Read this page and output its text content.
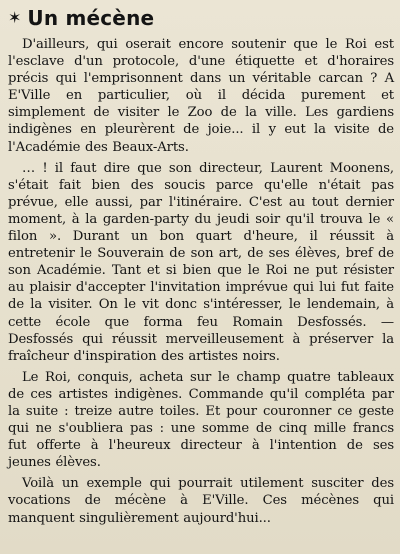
✶ Un mécène

D'ailleurs, qui oserait encore soutenir que le Roi est l'esclave d'un protocole, d'une étiquette et d'horaires précis qui l'emprisonnent dans un véritable carcan ? A E'Ville en particulier, où il décida purement et simplement de visiter le Zoo de la ville. Les gardiens indigènes en pleurèrent de joie... il y eut la visite de l'Académie des Beaux-Arts.

… ! il faut dire que son directeur, Laurent Moonens, s'était fait bien des soucis parce qu'elle n'était pas prévue, elle aussi, par l'itinéraire. C'est au tout dernier moment, à la garden-party du jeudi soir qu'il trouva le « filon ». Durant un bon quart d'heure, il réussit à entretenir le Souverain de son art, de ses élèves, bref de son Académie. Tant et si bien que le Roi ne put résister au plaisir d'accepter l'invitation imprévue qui lui fut faite de la visiter. On le vit donc s'intéresser, le lendemain, à cette école que forma feu Romain Desfossés. — Desfossés qui réussit merveilleusement à préserver la fraîcheur d'inspiration des artistes noirs.

Le Roi, conquis, acheta sur le champ quatre tableaux de ces artistes indigènes. Commande qu'il compléta par la suite : treize autre toiles. Et pour couronner ce geste qui ne s'oubliera pas : une somme de cinq mille francs fut offerte à l'heureux directeur à l'intention de ses jeunes élèves.

Voilà un exemple qui pourrait utilement susciter des vocations de mécène à E'Ville. Ces mécènes qui manquent singulièrement aujourd'hui...
